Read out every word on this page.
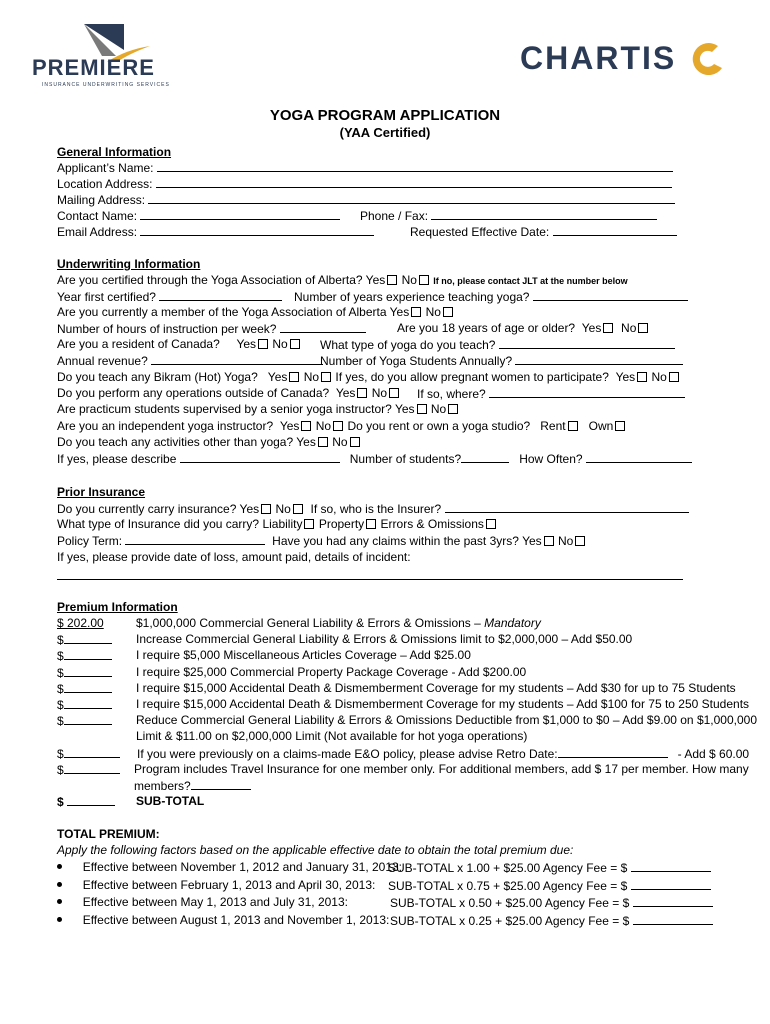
PREMIERE
INSURANCE UNDERWRITING SERVICES
CHARTIS
YOGA PROGRAM APPLICATION
(YAA Certified)
General Information
Applicant’s Name:
Location Address:
Mailing Address:
Contact Name:	Phone / Fax:
Email Address:	Requested Effective Date:
Underwriting Information
Are you certified through the Yoga Association of Alberta? Yes No If no, please contact JLT at the number below
Year first certified?	Number of years experience teaching yoga?
Are you currently a member of the Yoga Association of Alberta Yes No
Number of hours of instruction per week?	Are you 18 years of age or older? Yes No
Are you a resident of Canada? Yes No	What type of yoga do you teach?
Annual revenue?	Number of Yoga Students Annually?
Do you teach any Bikram (Hot) Yoga? Yes No If yes, do you allow pregnant women to participate? Yes No
Do you perform any operations outside of Canada? Yes No	If so, where?
Are practicum students supervised by a senior yoga instructor? Yes No
Are you an independent yoga instructor? Yes No Do you rent or own a yoga studio? Rent Own
Do you teach any activities other than yoga? Yes No
If yes, please describe	Number of students?	How Often?
Prior Insurance
Do you currently carry insurance? Yes No If so, who is the Insurer?
What type of Insurance did you carry? Liability Property Errors & Omissions
Policy Term:	Have you had any claims within the past 3yrs? Yes No
If yes, please provide date of loss, amount paid, details of incident:
Premium Information
$ 202.00	$1,000,000 Commercial General Liability & Errors & Omissions – Mandatory
$	Increase Commercial General Liability & Errors & Omissions limit to $2,000,000 – Add $50.00
$	I require $5,000 Miscellaneous Articles Coverage – Add $25.00
$	I require $25,000 Commercial Property Package Coverage - Add $200.00
$	I require $15,000 Accidental Death & Dismemberment Coverage for my students – Add $30 for up to 75 Students
$	I require $15,000 Accidental Death & Dismemberment Coverage for my students – Add $100 for 75 to 250 Students
$	Reduce Commercial General Liability & Errors & Omissions Deductible from $1,000 to $0 – Add $9.00 on $1,000,000
Limit & $11.00 on $2,000,000 Limit (Not available for hot yoga operations)
$	If you were previously on a claims-made E&O policy, please advise Retro Date:	- Add $ 60.00
$	Program includes Travel Insurance for one member only. For additional members, add $ 17 per member. How many
members?
$	SUB-TOTAL
TOTAL PREMIUM:
Apply the following factors based on the applicable effective date to obtain the total premium due:
Effective between November 1, 2012 and January 31, 2013:
SUB-TOTAL x 1.00 + $25.00 Agency Fee = $
Effective between February 1, 2013 and April 30, 2013: SUB-TOTAL x 0.75 + $25.00 Agency Fee = $
Effective between May 1, 2013 and July 31, 2013:	SUB-TOTAL x 0.50 + $25.00 Agency Fee = $
Effective between August 1, 2013 and November 1, 2013: SUB-TOTAL x 0.25 + $25.00 Agency Fee = $
